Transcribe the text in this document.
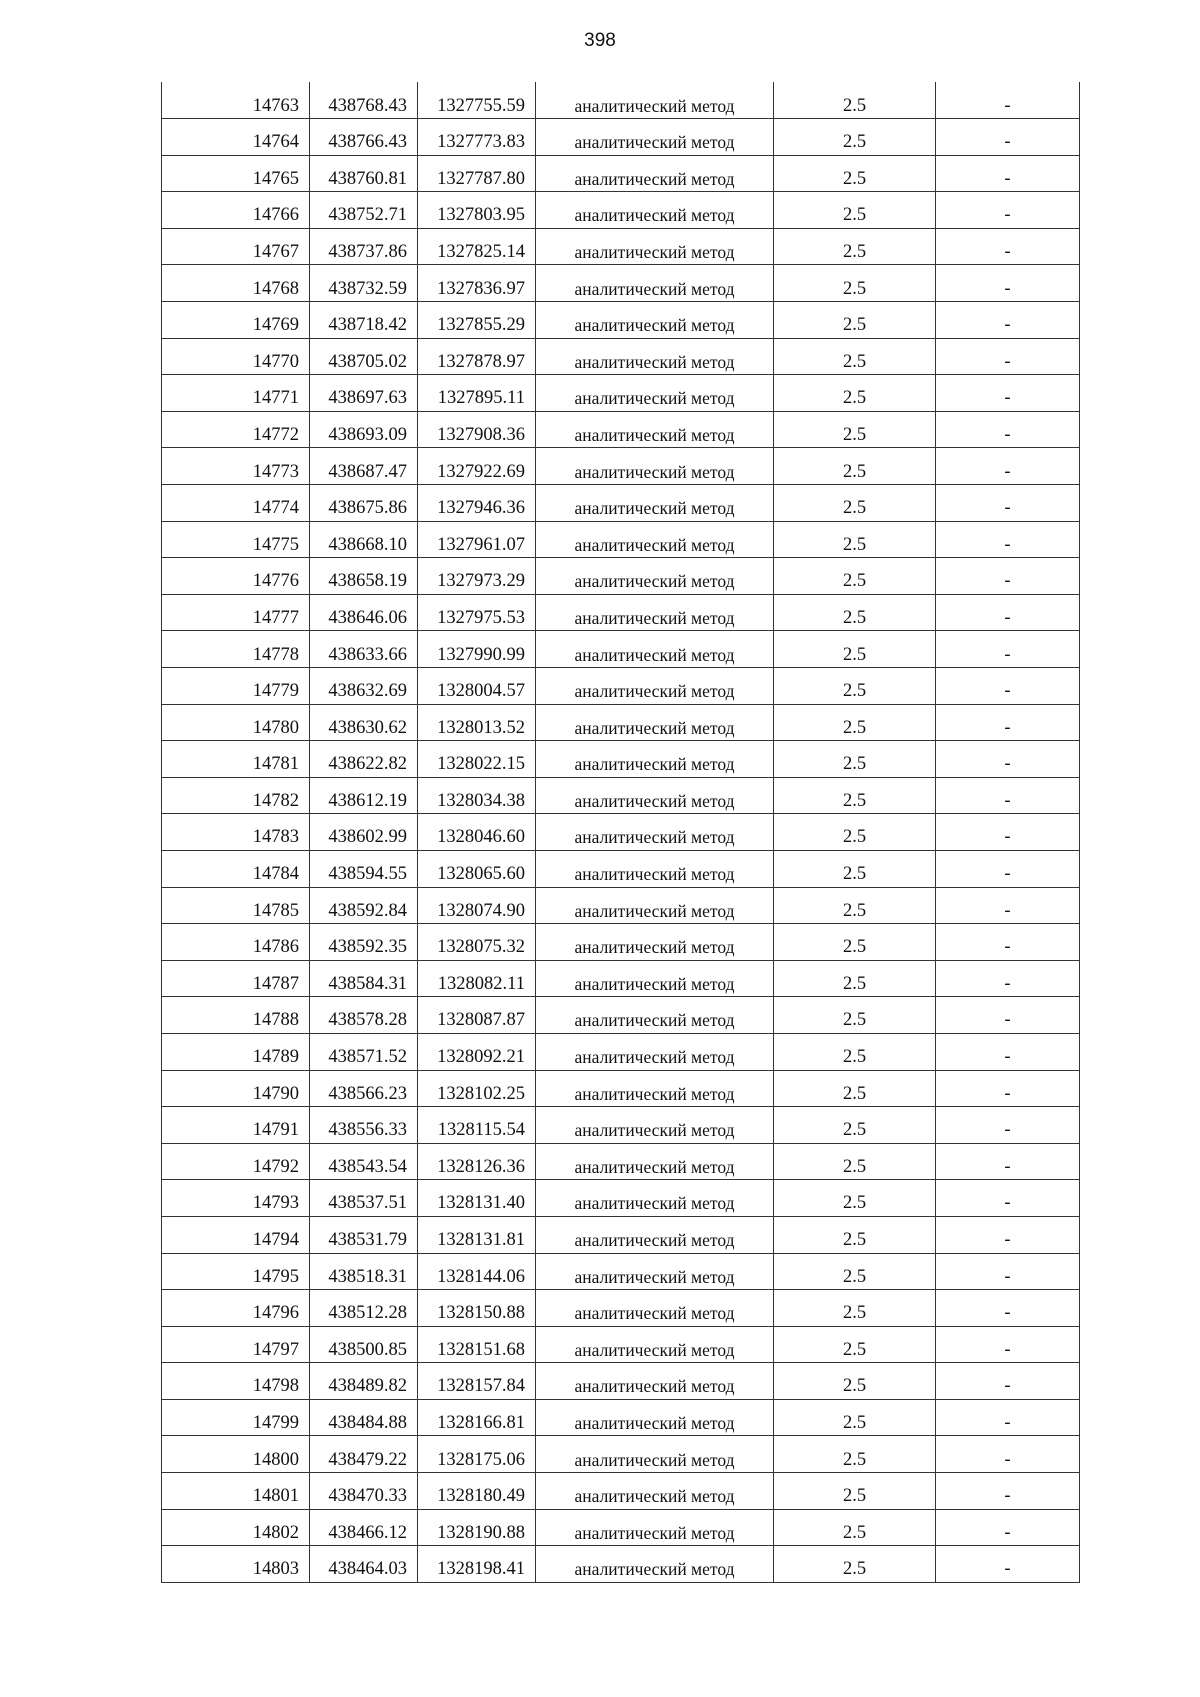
398
14763	438768.43	1327755.59	аналитический метод	2.5	-
14764	438766.43	1327773.83	аналитический метод	2.5	-
14765	438760.81	1327787.80	аналитический метод	2.5	-
14766	438752.71	1327803.95	аналитический метод	2.5	-
14767	438737.86	1327825.14	аналитический метод	2.5	-
14768	438732.59	1327836.97	аналитический метод	2.5	-
14769	438718.42	1327855.29	аналитический метод	2.5	-
14770	438705.02	1327878.97	аналитический метод	2.5	-
14771	438697.63	1327895.11	аналитический метод	2.5	-
14772	438693.09	1327908.36	аналитический метод	2.5	-
14773	438687.47	1327922.69	аналитический метод	2.5	-
14774	438675.86	1327946.36	аналитический метод	2.5	-
14775	438668.10	1327961.07	аналитический метод	2.5	-
14776	438658.19	1327973.29	аналитический метод	2.5	-
14777	438646.06	1327975.53	аналитический метод	2.5	-
14778	438633.66	1327990.99	аналитический метод	2.5	-
14779	438632.69	1328004.57	аналитический метод	2.5	-
14780	438630.62	1328013.52	аналитический метод	2.5	-
14781	438622.82	1328022.15	аналитический метод	2.5	-
14782	438612.19	1328034.38	аналитический метод	2.5	-
14783	438602.99	1328046.60	аналитический метод	2.5	-
14784	438594.55	1328065.60	аналитический метод	2.5	-
14785	438592.84	1328074.90	аналитический метод	2.5	-
14786	438592.35	1328075.32	аналитический метод	2.5	-
14787	438584.31	1328082.11	аналитический метод	2.5	-
14788	438578.28	1328087.87	аналитический метод	2.5	-
14789	438571.52	1328092.21	аналитический метод	2.5	-
14790	438566.23	1328102.25	аналитический метод	2.5	-
14791	438556.33	1328115.54	аналитический метод	2.5	-
14792	438543.54	1328126.36	аналитический метод	2.5	-
14793	438537.51	1328131.40	аналитический метод	2.5	-
14794	438531.79	1328131.81	аналитический метод	2.5	-
14795	438518.31	1328144.06	аналитический метод	2.5	-
14796	438512.28	1328150.88	аналитический метод	2.5	-
14797	438500.85	1328151.68	аналитический метод	2.5	-
14798	438489.82	1328157.84	аналитический метод	2.5	-
14799	438484.88	1328166.81	аналитический метод	2.5	-
14800	438479.22	1328175.06	аналитический метод	2.5	-
14801	438470.33	1328180.49	аналитический метод	2.5	-
14802	438466.12	1328190.88	аналитический метод	2.5	-
14803	438464.03	1328198.41	аналитический метод	2.5	-
